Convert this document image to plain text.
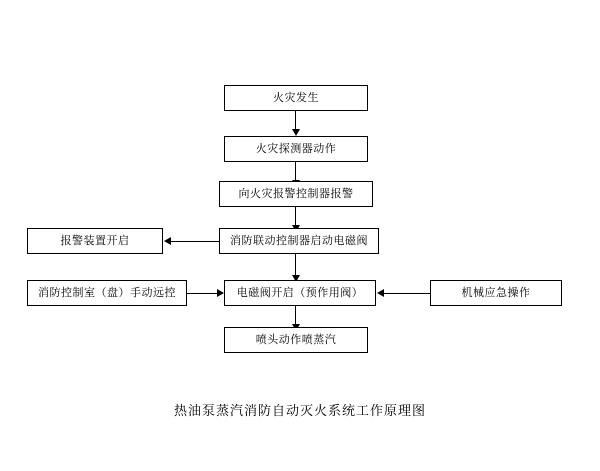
火灾发生
火灾探测器动作
向火灾报警控制器报警
消防联动控制器启动电磁阀
报警装置开启
消防控制室（盘）手动远控	电磁阀开启（预作用阀）	机械应急操作
喷头动作喷蒸汽
热油泵蒸汽消防自动灭火系统工作原理图
